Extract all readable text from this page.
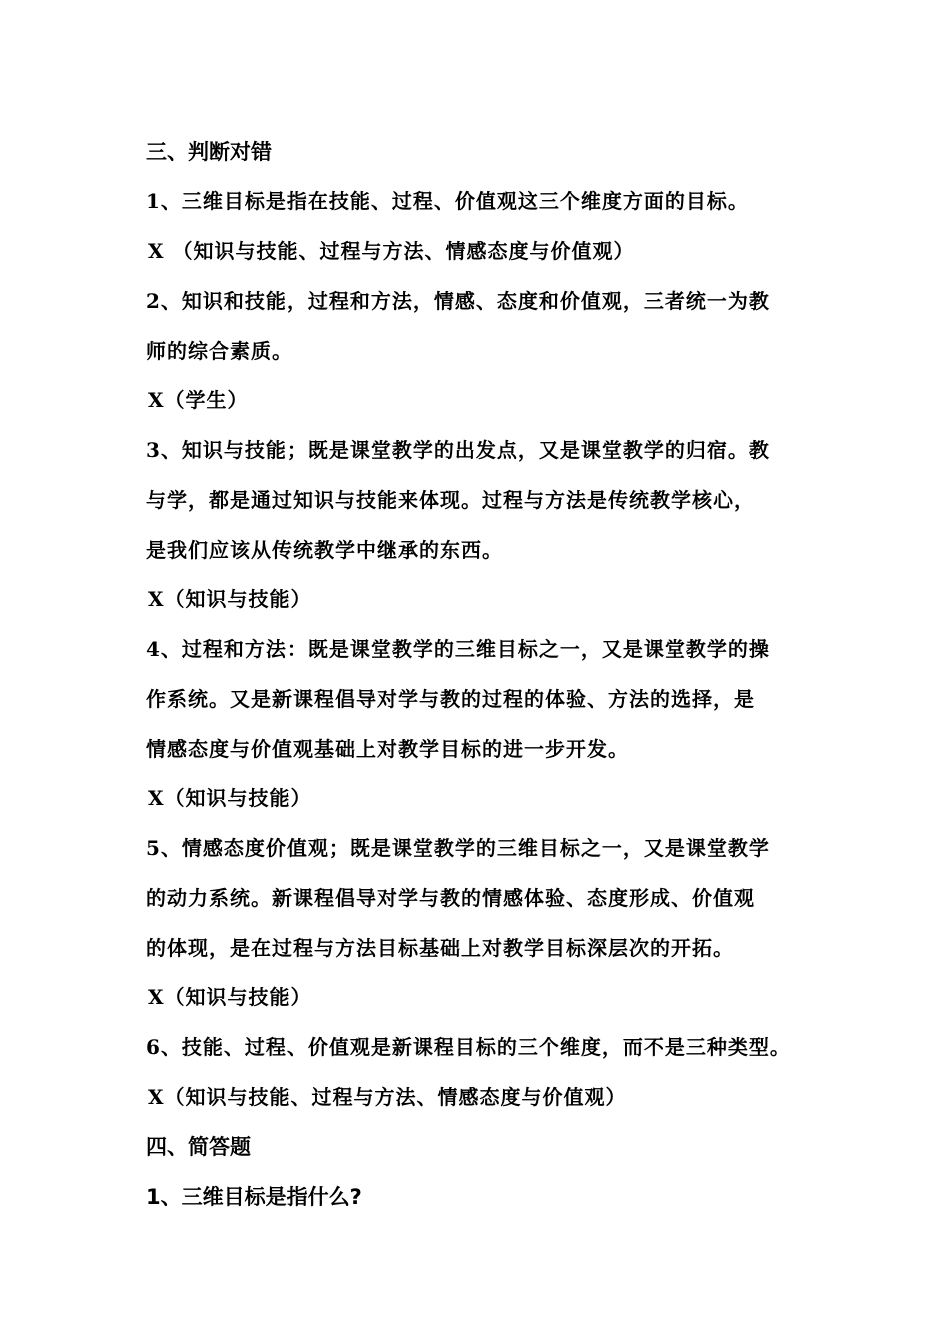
三、判断对错

1、三维目标是指在技能、过程、价值观这三个维度方面的目标。

X （知识与技能、过程与方法、情感态度与价值观）

2、知识和技能，过程和方法，情感、态度和价值观，三者统一为教

师的综合素质。

X（学生）

3、知识与技能；既是课堂教学的出发点，又是课堂教学的归宿。教

与学，都是通过知识与技能来体现。过程与方法是传统教学核心，

是我们应该从传统教学中继承的东西。

X（知识与技能）

4、过程和方法：既是课堂教学的三维目标之一，又是课堂教学的操

作系统。又是新课程倡导对学与教的过程的体验、方法的选择，是

情感态度与价值观基础上对教学目标的进一步开发。

X（知识与技能）

5、情感态度价值观；既是课堂教学的三维目标之一，又是课堂教学

的动力系统。新课程倡导对学与教的情感体验、态度形成、价值观

的体现，是在过程与方法目标基础上对教学目标深层次的开拓。

X（知识与技能）

6、技能、过程、价值观是新课程目标的三个维度，而不是三种类型。

X（知识与技能、过程与方法、情感态度与价值观）

四、简答题

1、三维目标是指什么?
